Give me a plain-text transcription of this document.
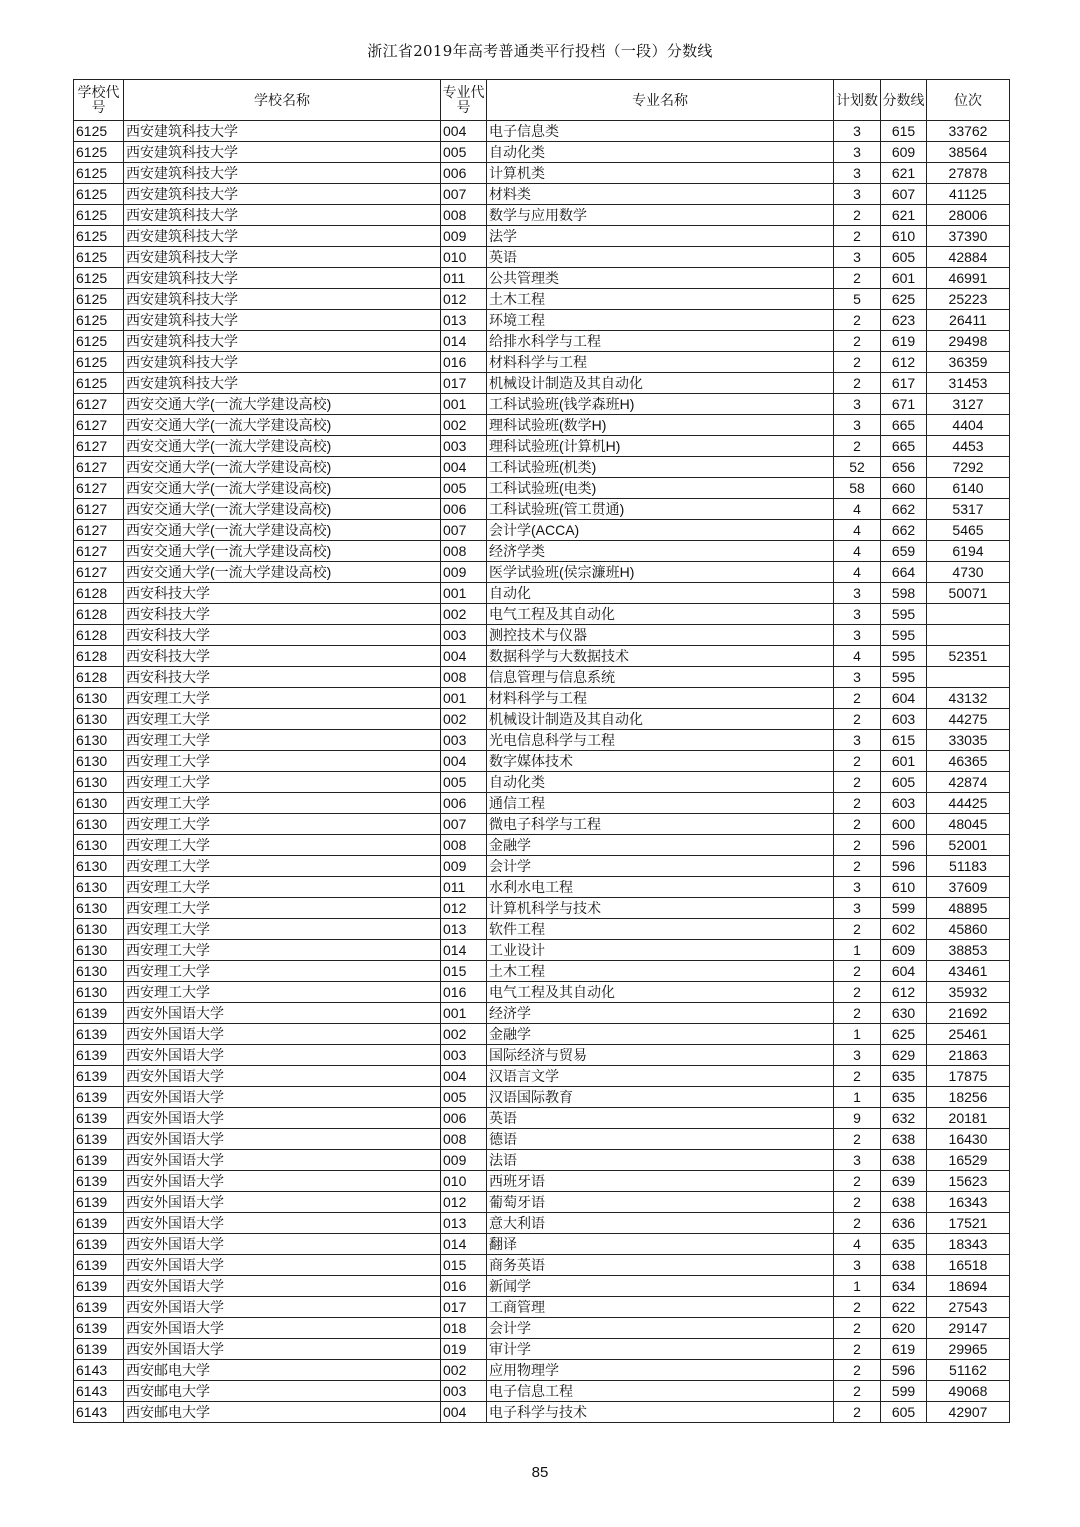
浙江省2019年高考普通类平行投档（一段）分数线
学校代号	学校名称	专业代号	专业名称	计划数	分数线	位次
6125	西安建筑科技大学	004	电子信息类	3	615	33762
6125	西安建筑科技大学	005	自动化类	3	609	38564
6125	西安建筑科技大学	006	计算机类	3	621	27878
6125	西安建筑科技大学	007	材料类	3	607	41125
6125	西安建筑科技大学	008	数学与应用数学	2	621	28006
6125	西安建筑科技大学	009	法学	2	610	37390
6125	西安建筑科技大学	010	英语	3	605	42884
6125	西安建筑科技大学	011	公共管理类	2	601	46991
6125	西安建筑科技大学	012	土木工程	5	625	25223
6125	西安建筑科技大学	013	环境工程	2	623	26411
6125	西安建筑科技大学	014	给排水科学与工程	2	619	29498
6125	西安建筑科技大学	016	材料科学与工程	2	612	36359
6125	西安建筑科技大学	017	机械设计制造及其自动化	2	617	31453
6127	西安交通大学(一流大学建设高校)	001	工科试验班(钱学森班H)	3	671	3127
6127	西安交通大学(一流大学建设高校)	002	理科试验班(数学H)	3	665	4404
6127	西安交通大学(一流大学建设高校)	003	理科试验班(计算机H)	2	665	4453
6127	西安交通大学(一流大学建设高校)	004	工科试验班(机类)	52	656	7292
6127	西安交通大学(一流大学建设高校)	005	工科试验班(电类)	58	660	6140
6127	西安交通大学(一流大学建设高校)	006	工科试验班(管工贯通)	4	662	5317
6127	西安交通大学(一流大学建设高校)	007	会计学(ACCA)	4	662	5465
6127	西安交通大学(一流大学建设高校)	008	经济学类	4	659	6194
6127	西安交通大学(一流大学建设高校)	009	医学试验班(侯宗濂班H)	4	664	4730
6128	西安科技大学	001	自动化	3	598	50071
6128	西安科技大学	002	电气工程及其自动化	3	595	
6128	西安科技大学	003	测控技术与仪器	3	595	
6128	西安科技大学	004	数据科学与大数据技术	4	595	52351
6128	西安科技大学	008	信息管理与信息系统	3	595	
6130	西安理工大学	001	材料科学与工程	2	604	43132
6130	西安理工大学	002	机械设计制造及其自动化	2	603	44275
6130	西安理工大学	003	光电信息科学与工程	3	615	33035
6130	西安理工大学	004	数字媒体技术	2	601	46365
6130	西安理工大学	005	自动化类	2	605	42874
6130	西安理工大学	006	通信工程	2	603	44425
6130	西安理工大学	007	微电子科学与工程	2	600	48045
6130	西安理工大学	008	金融学	2	596	52001
6130	西安理工大学	009	会计学	2	596	51183
6130	西安理工大学	011	水利水电工程	3	610	37609
6130	西安理工大学	012	计算机科学与技术	3	599	48895
6130	西安理工大学	013	软件工程	2	602	45860
6130	西安理工大学	014	工业设计	1	609	38853
6130	西安理工大学	015	土木工程	2	604	43461
6130	西安理工大学	016	电气工程及其自动化	2	612	35932
6139	西安外国语大学	001	经济学	2	630	21692
6139	西安外国语大学	002	金融学	1	625	25461
6139	西安外国语大学	003	国际经济与贸易	3	629	21863
6139	西安外国语大学	004	汉语言文学	2	635	17875
6139	西安外国语大学	005	汉语国际教育	1	635	18256
6139	西安外国语大学	006	英语	9	632	20181
6139	西安外国语大学	008	德语	2	638	16430
6139	西安外国语大学	009	法语	3	638	16529
6139	西安外国语大学	010	西班牙语	2	639	15623
6139	西安外国语大学	012	葡萄牙语	2	638	16343
6139	西安外国语大学	013	意大利语	2	636	17521
6139	西安外国语大学	014	翻译	4	635	18343
6139	西安外国语大学	015	商务英语	3	638	16518
6139	西安外国语大学	016	新闻学	1	634	18694
6139	西安外国语大学	017	工商管理	2	622	27543
6139	西安外国语大学	018	会计学	2	620	29147
6139	西安外国语大学	019	审计学	2	619	29965
6143	西安邮电大学	002	应用物理学	2	596	51162
6143	西安邮电大学	003	电子信息工程	2	599	49068
6143	西安邮电大学	004	电子科学与技术	2	605	42907
85
